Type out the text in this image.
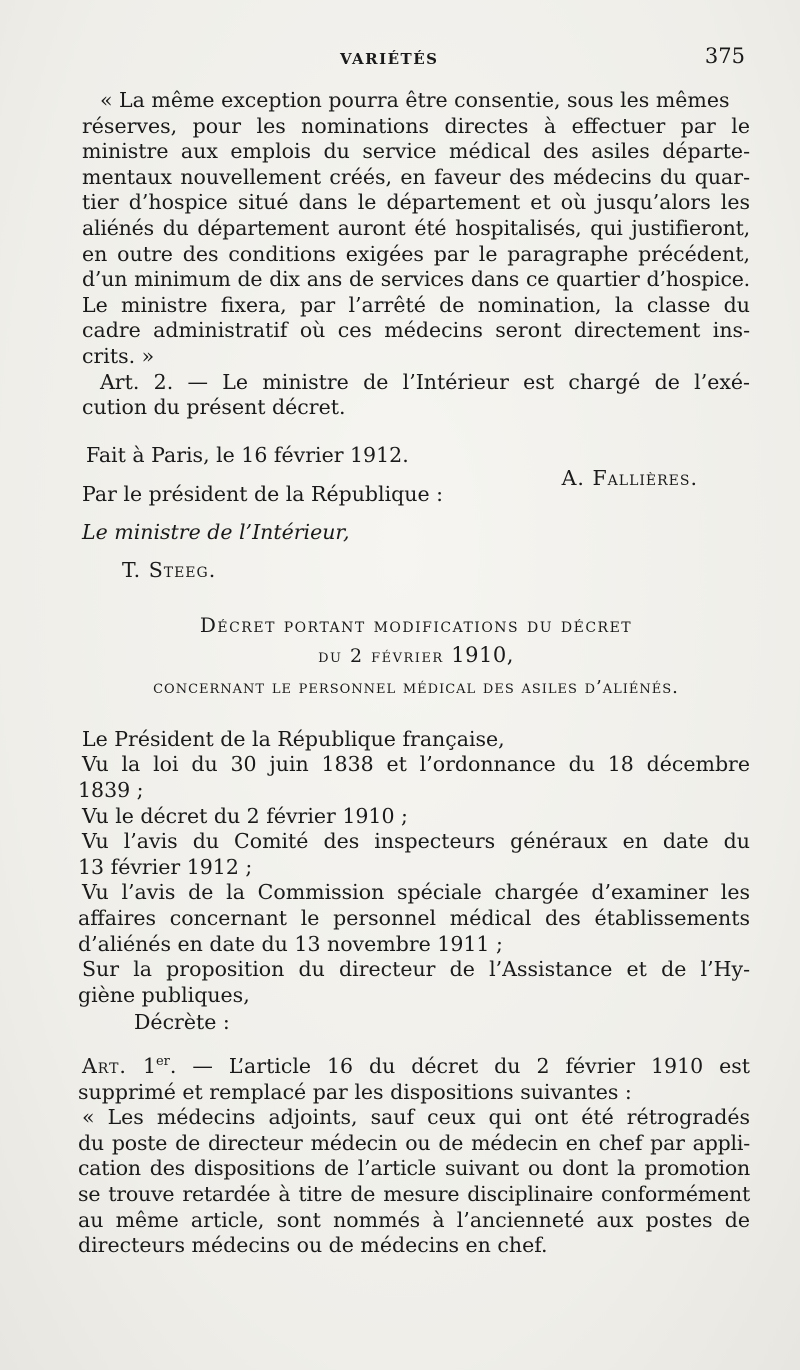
VARIÉTÉS	375
« La même exception pourra être consentie, sous les mêmes
réserves, pour les nominations directes à effectuer par le
ministre aux emplois du service médical des asiles départe-
mentaux nouvellement créés, en faveur des médecins du quar-
tier d’hospice situé dans le département et où jusqu’alors les
aliénés du département auront été hospitalisés, qui justifieront,
en outre des conditions exigées par le paragraphe précédent,
d’un minimum de dix ans de services dans ce quartier d’hospice.
Le ministre fixera, par l’arrêté de nomination, la classe du
cadre administratif où ces médecins seront directement ins-
crits. »
Art. 2. — Le ministre de l’Intérieur est chargé de l’exé-
cution du présent décret.
Fait à Paris, le 16 février 1912.
A. Fallières.
Par le président de la République :
Le ministre de l’Intérieur,
T. Steeg.

Décret portant modifications du décret

du 2 février 1910,

concernant le personnel médical des asiles d’aliénés.

Le Président de la République française,
Vu la loi du 30 juin 1838 et l’ordonnance du 18 décembre
1839 ;
Vu le décret du 2 février 1910 ;
Vu l’avis du Comité des inspecteurs généraux en date du
13 février 1912 ;
Vu l’avis de la Commission spéciale chargée d’examiner les
affaires concernant le personnel médical des établissements
d’aliénés en date du 13 novembre 1911 ;
Sur la proposition du directeur de l’Assistance et de l’Hy-
giène publiques,
Décrète :
Art. 1er. — L’article 16 du décret du 2 février 1910 est
supprimé et remplacé par les dispositions suivantes :
« Les médecins adjoints, sauf ceux qui ont été rétrogradés
du poste de directeur médecin ou de médecin en chef par appli-
cation des dispositions de l’article suivant ou dont la promotion
se trouve retardée à titre de mesure disciplinaire conformément
au même article, sont nommés à l’ancienneté aux postes de
directeurs médecins ou de médecins en chef.
